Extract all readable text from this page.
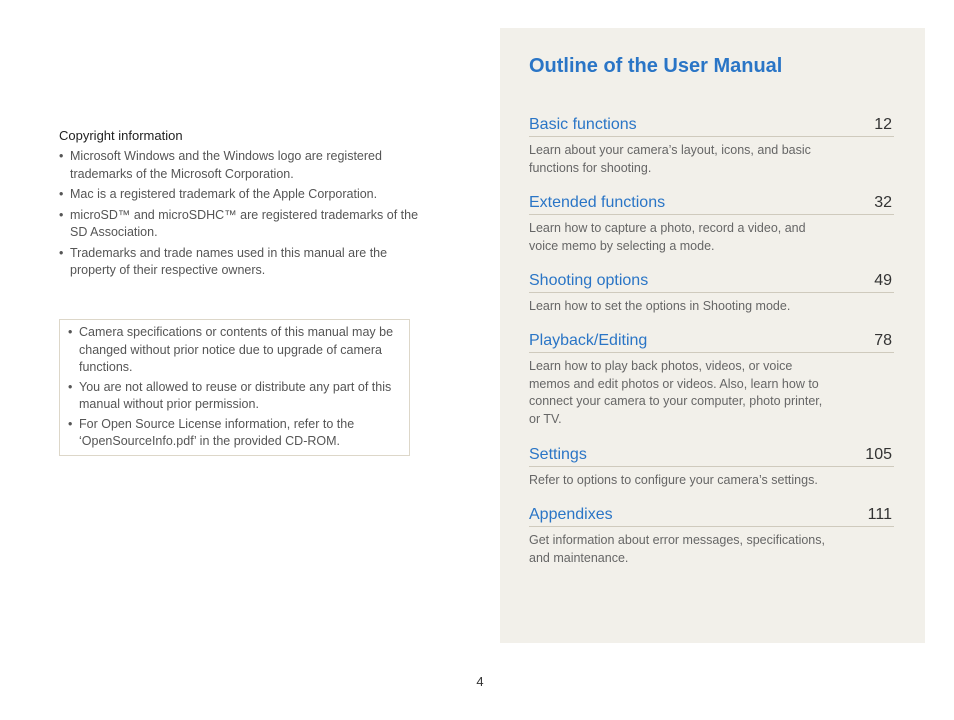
Copyright information

• Microsoft Windows and the Windows logo are registered trademarks of the Microsoft Corporation.
• Mac is a registered trademark of the Apple Corporation.
• microSD™ and microSDHC™ are registered trademarks of the SD Association.
• Trademarks and trade names used in this manual are the property of their respective owners.
• Camera specifications or contents of this manual may be changed without prior notice due to upgrade of camera functions.
• You are not allowed to reuse or distribute any part of this manual without prior permission.
• For Open Source License information, refer to the ‘OpenSourceInfo.pdf’ in the provided CD-ROM.
Outline of the User Manual
Basic functions	12
Learn about your camera’s layout, icons, and basic functions for shooting.
Extended functions	32
Learn how to capture a photo, record a video, and voice memo by selecting a mode.
Shooting options	49
Learn how to set the options in Shooting mode.
Playback/Editing	78
Learn how to play back photos, videos, or voice memos and edit photos or videos. Also, learn how to connect your camera to your computer, photo printer, or TV.
Settings	105
Refer to options to configure your camera’s settings.
Appendixes	111
Get information about error messages, specifications, and maintenance.
4
